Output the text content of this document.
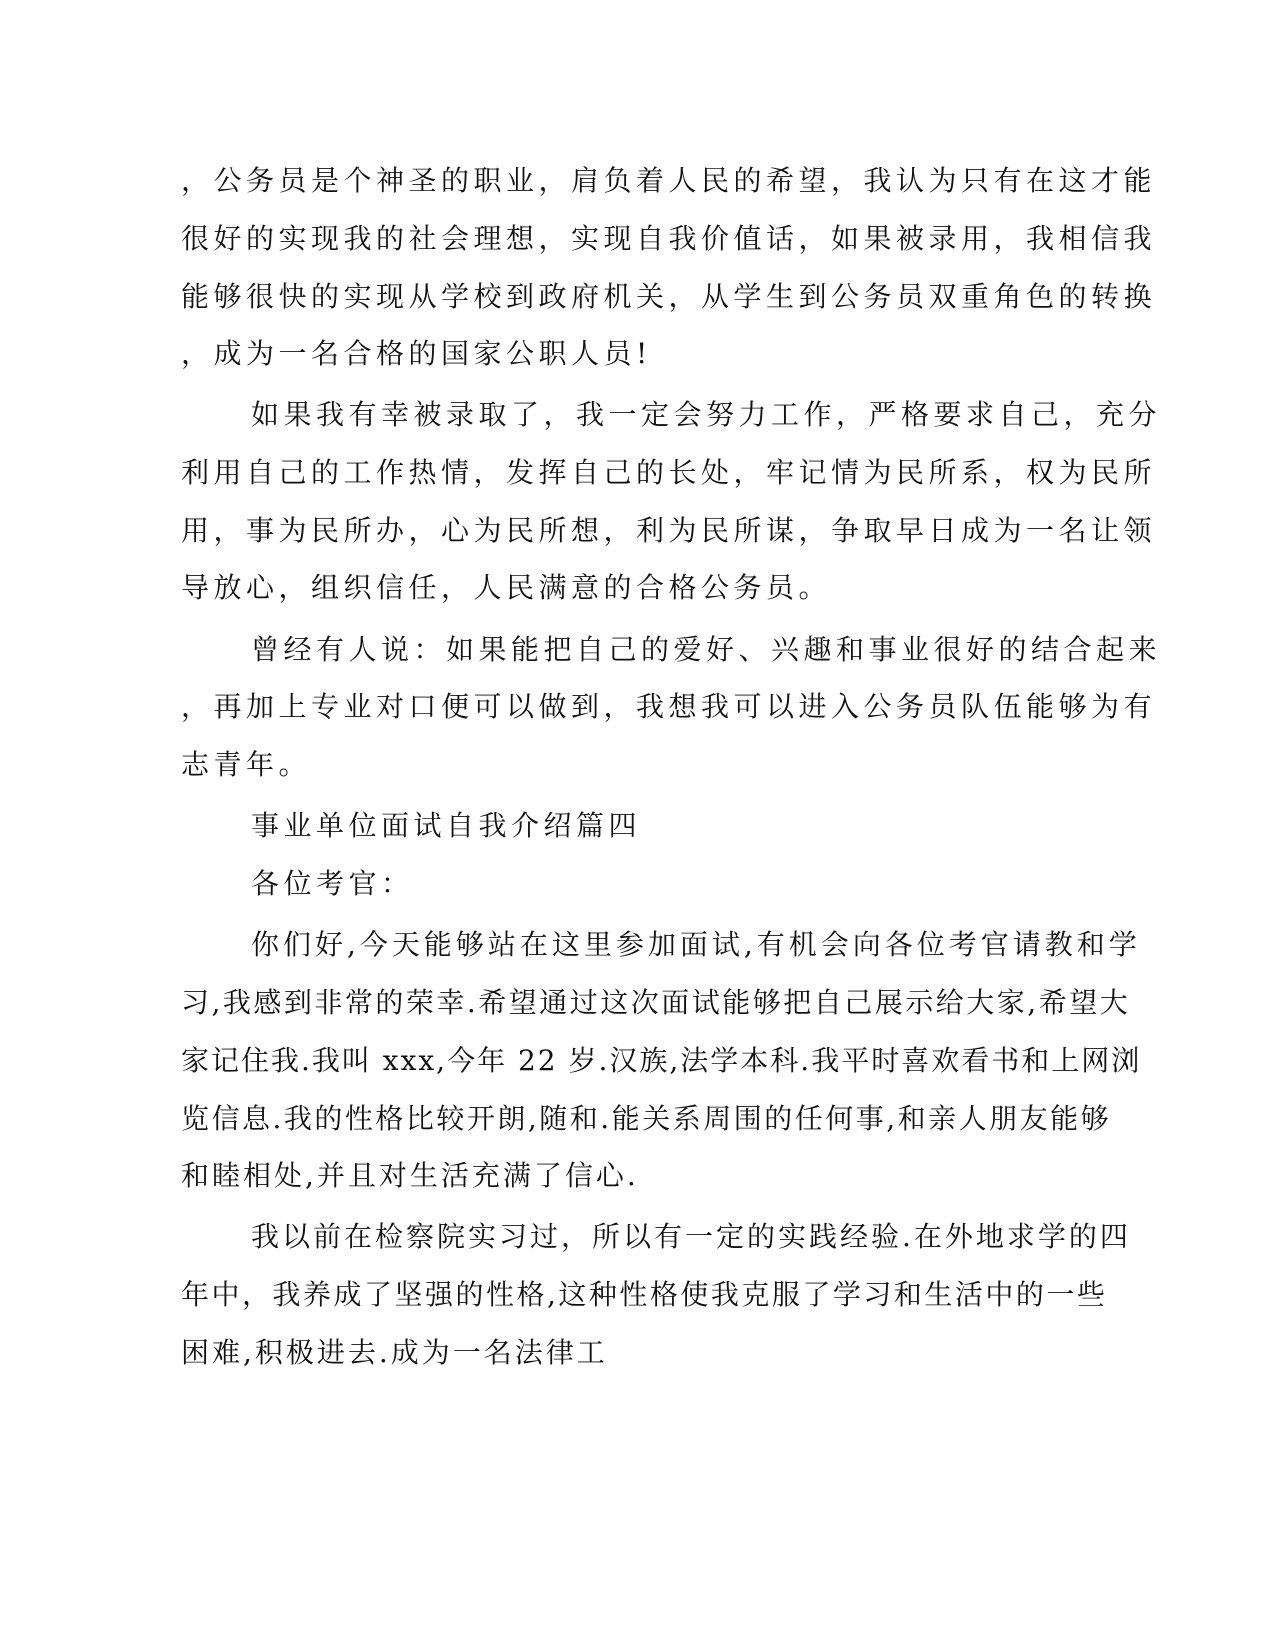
，公务员是个神圣的职业，肩负着人民的希望，我认为只有在这才能
很好的实现我的社会理想，实现自我价值话，如果被录用，我相信我
能够很快的实现从学校到政府机关，从学生到公务员双重角色的转换
，成为一名合格的国家公职人员!
如果我有幸被录取了，我一定会努力工作，严格要求自己，充分
利用自己的工作热情，发挥自己的长处，牢记情为民所系，权为民所
用，事为民所办，心为民所想，利为民所谋，争取早日成为一名让领
导放心，组织信任，人民满意的合格公务员。
曾经有人说：如果能把自己的爱好、兴趣和事业很好的结合起来
，再加上专业对口便可以做到，我想我可以进入公务员队伍能够为有
志青年。
事业单位面试自我介绍篇四
各位考官：
你们好,今天能够站在这里参加面试,有机会向各位考官请教和学
习,我感到非常的荣幸.希望通过这次面试能够把自己展示给大家,希望大
家记住我.我叫 xxx,今年 22 岁.汉族,法学本科.我平时喜欢看书和上网浏
览信息.我的性格比较开朗,随和.能关系周围的任何事,和亲人朋友能够
和睦相处,并且对生活充满了信心.
我以前在检察院实习过，所以有一定的实践经验.在外地求学的四
年中，我养成了坚强的性格,这种性格使我克服了学习和生活中的一些
困难,积极进去.成为一名法律工
